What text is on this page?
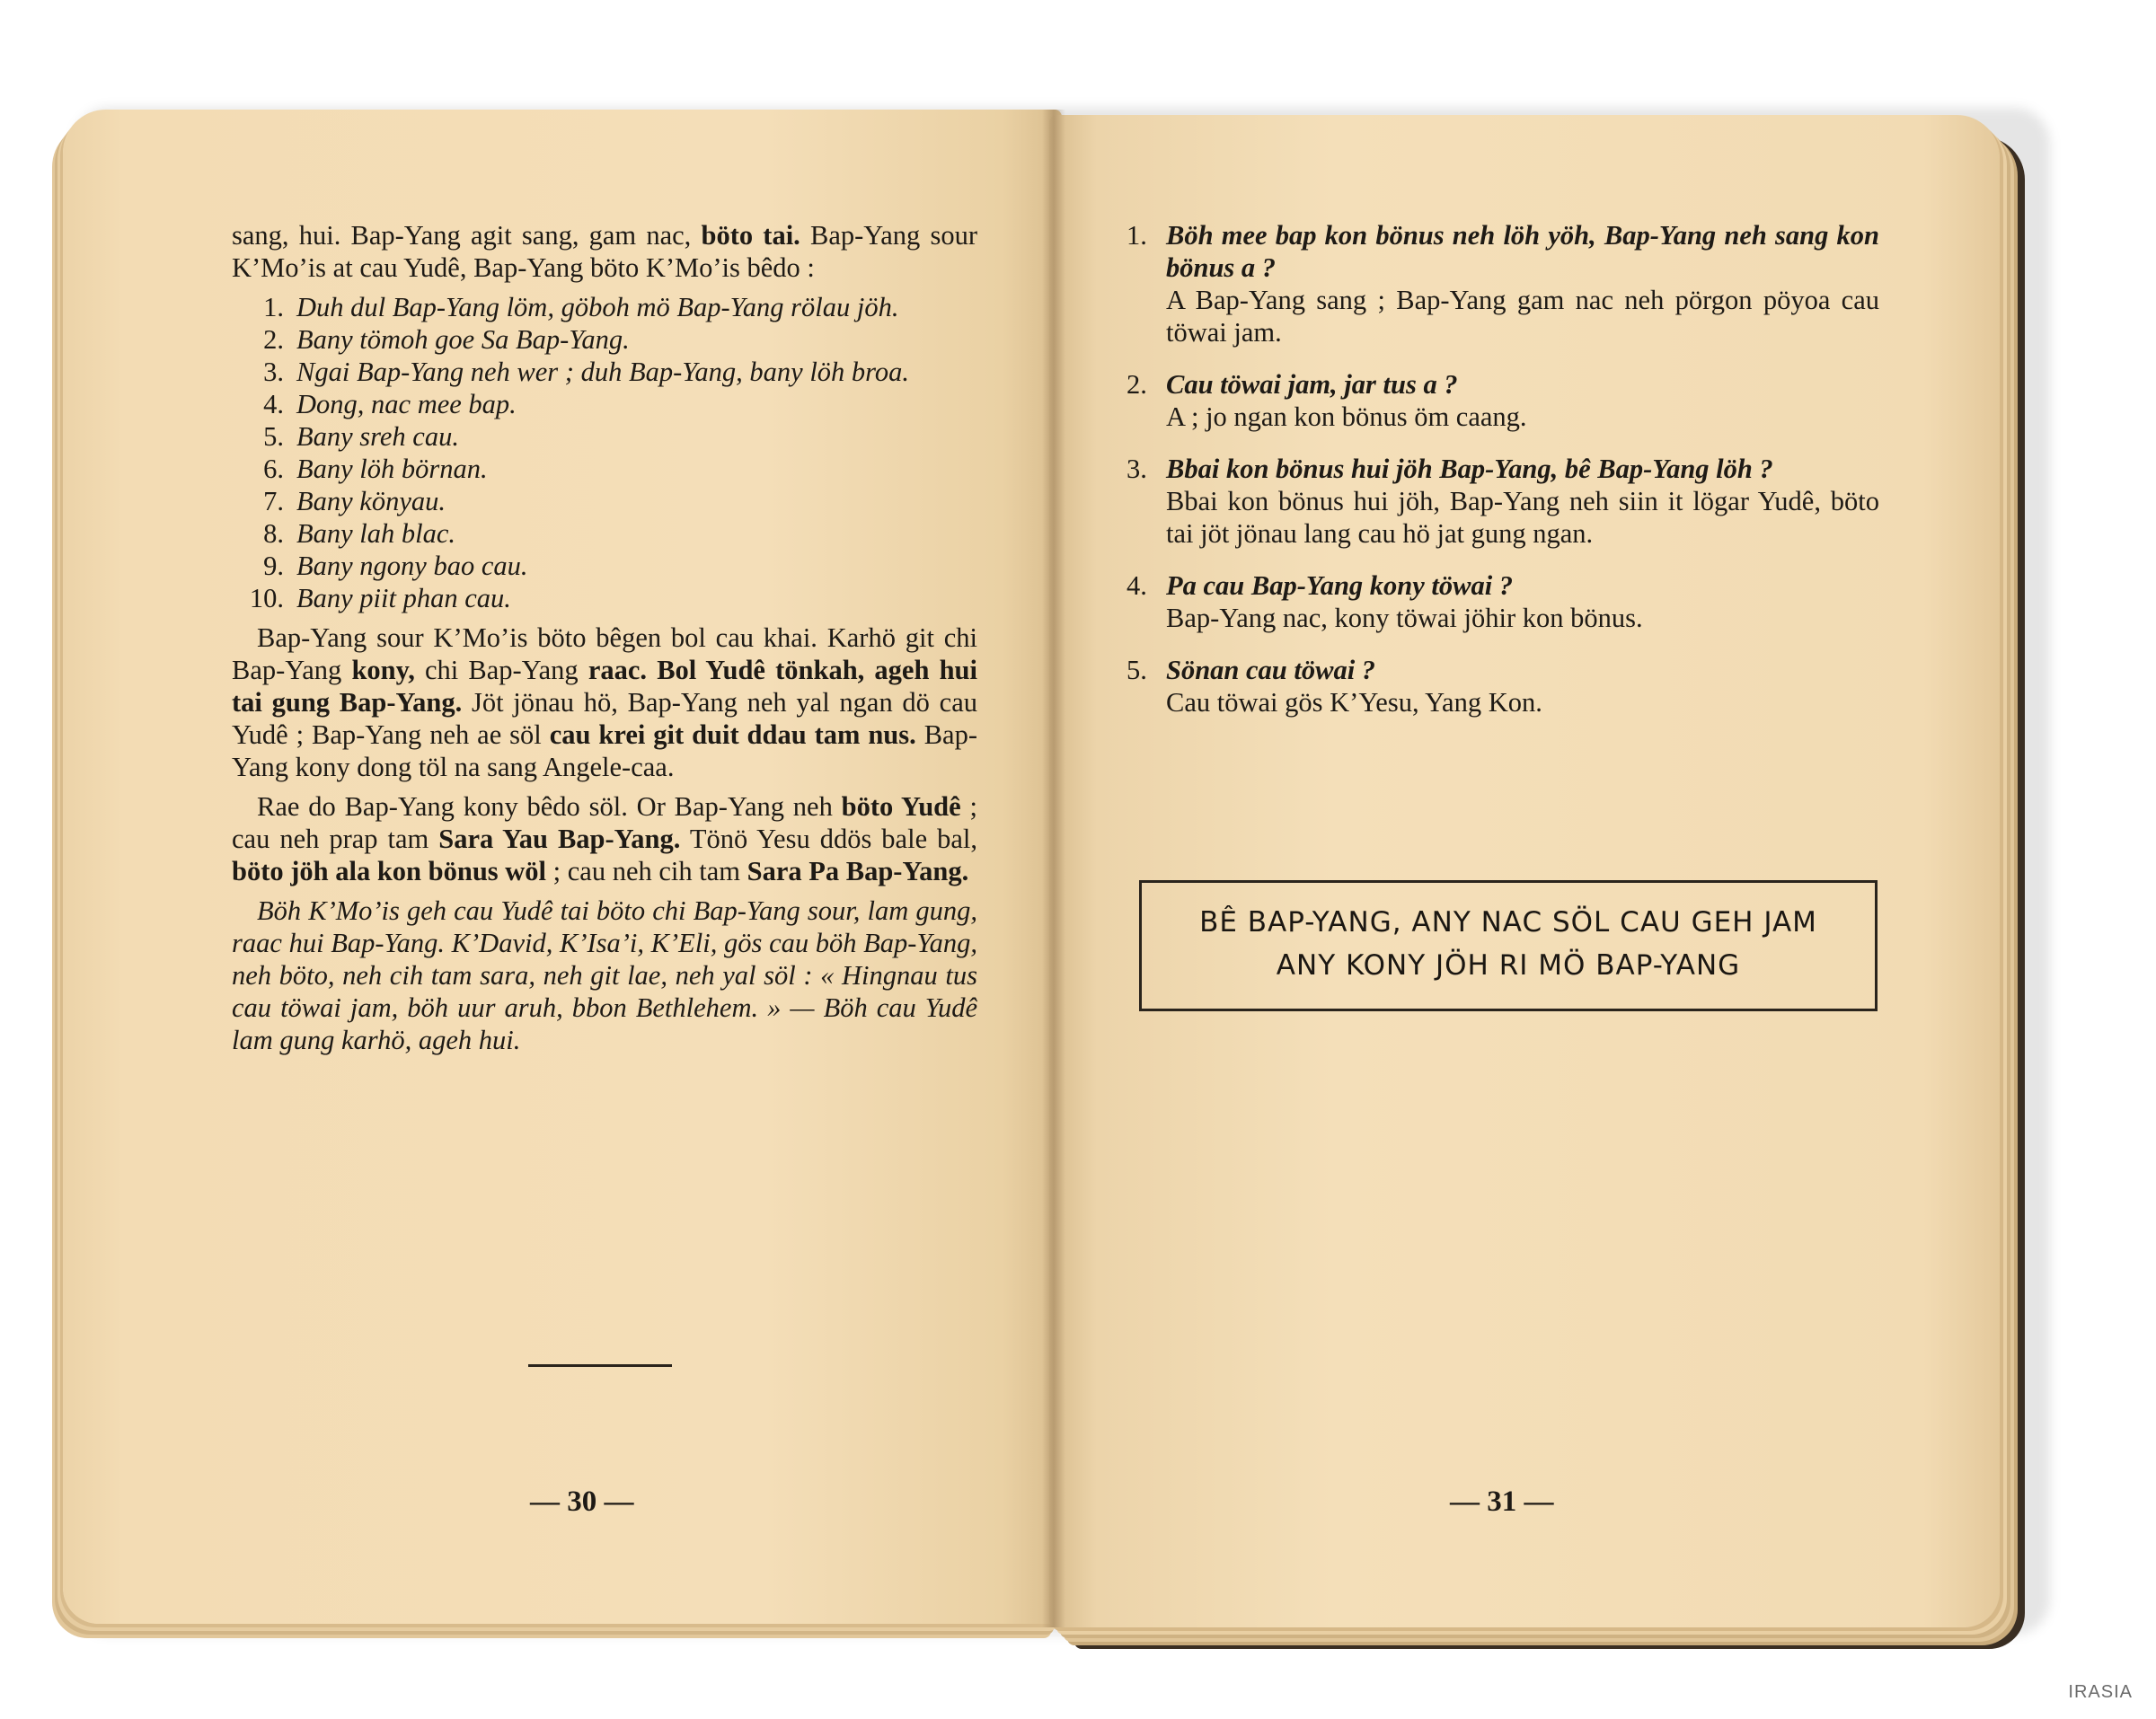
sang, hui. Bap-Yang agit sang, gam nac, böto tai. Bap-Yang sour K’Mo’is at cau Yudê, Bap-Yang böto K’Mo’is bêdo :

1. Duh dul Bap-Yang löm, göboh mö Bap-Yang rölau jöh.
2. Bany tömoh goe Sa Bap-Yang.
3. Ngai Bap-Yang neh wer ; duh Bap-Yang, bany löh broa.
4. Dong, nac mee bap.
5. Bany sreh cau.
6. Bany löh börnan.
7. Bany könyau.
8. Bany lah blac.
9. Bany ngony bao cau.
10. Bany piit phan cau.

Bap-Yang sour K’Mo’is böto bêgen bol cau khai. Karhö git chi Bap-Yang kony, chi Bap-Yang raac. Bol Yudê tönkah, ageh hui tai gung Bap-Yang. Jöt jönau hö, Bap-Yang neh yal ngan dö cau Yudê ; Bap-Yang neh ae söl cau krei git duit ddau tam nus. Bap-Yang kony dong töl na sang Angele-caa.

Rae do Bap-Yang kony bêdo söl. Or Bap-Yang neh böto Yudê ; cau neh prap tam Sara Yau Bap-Yang. Tönö Yesu ddös bale bal, böto jöh ala kon bönus wöl ; cau neh cih tam Sara Pa Bap-Yang.

Böh K’Mo’is geh cau Yudê tai böto chi Bap-Yang sour, lam gung, raac hui Bap-Yang. K’David, K’Isa’i, K’Eli, gös cau böh Bap-Yang, neh böto, neh cih tam sara, neh git lae, neh yal söl : « Hingnau tus cau töwai jam, böh uur aruh, bbon Bethlehem. » — Böh cau Yudê lam gung karhö, ageh hui.

— 30 —
1. Böh mee bap kon bönus neh löh yöh, Bap-Yang neh sang kon bönus a ?
A Bap-Yang sang ; Bap-Yang gam nac neh pörgon pöyoa cau töwai jam.
2. Cau töwai jam, jar tus a ?
A ; jo ngan kon bönus öm caang.
3. Bbai kon bönus hui jöh Bap-Yang, bê Bap-Yang löh ?
Bbai kon bönus hui jöh, Bap-Yang neh siin it lögar Yudê, böto tai jöt jönau lang cau hö jat gung ngan.
4. Pa cau Bap-Yang kony töwai ?
Bap-Yang nac, kony töwai jöhir kon bönus.
5. Sönan cau töwai ?
Cau töwai gös K’Yesu, Yang Kon.
BÊ BAP-YANG, ANY NAC SÖL CAU GEH JAM
ANY KONY JÖH RI MÖ BAP-YANG
— 31 —
IRASIA
